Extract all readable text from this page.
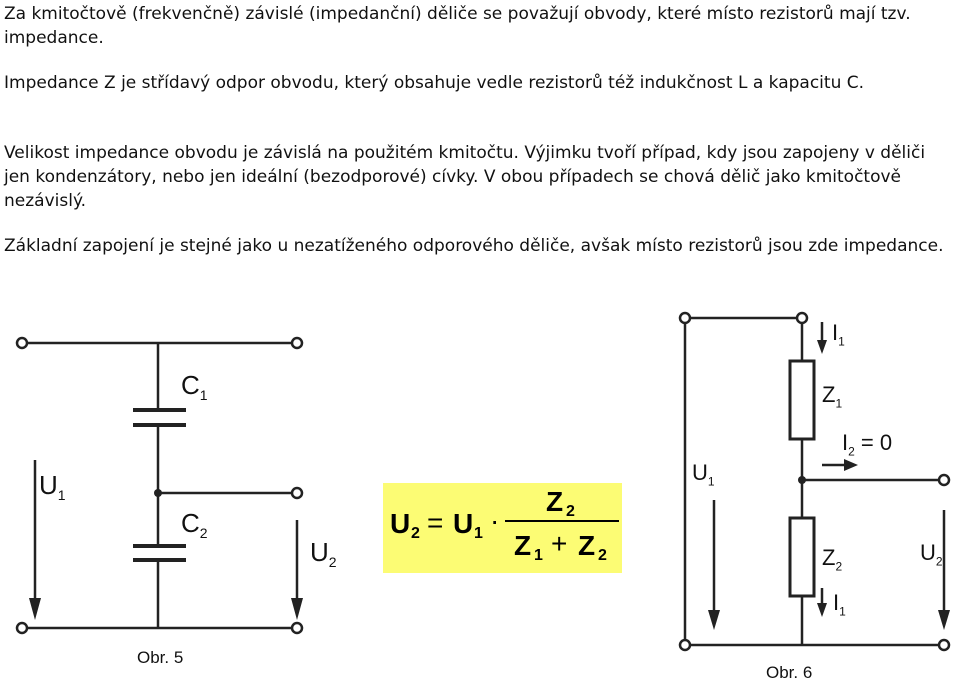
Za kmitočtově (frekvenčně) závislé (impedanční) děliče se považují obvody, které místo rezistorů mají tzv. impedance.

Impedance Z je střídavý odpor obvodu, který obsahuje vedle rezistorů též indukčnost L a kapacitu C.

Velikost impedance obvodu je závislá na použitém kmitočtu. Výjimku tvoří případ, kdy jsou zapojeny v děliči jen kondenzátory, nebo jen ideální (bezodporové) cívky. V obou případech se chová dělič jako kmitočtově nezávislý.

Základní zapojení je stejné jako u nezatíženého odporového děliče, avšak místo rezistorů jsou zde impedance.

$C_1$
$C_2$
$U_1$
$U_2$
Obr. 5
$I_1$
$Z_1$
$I_2 = 0$
$U_1$
$Z_2$
$U_2$
$I_1$
Obr. 6
U 2 = U 1 ·
Z 2
Z 1 + Z 2
